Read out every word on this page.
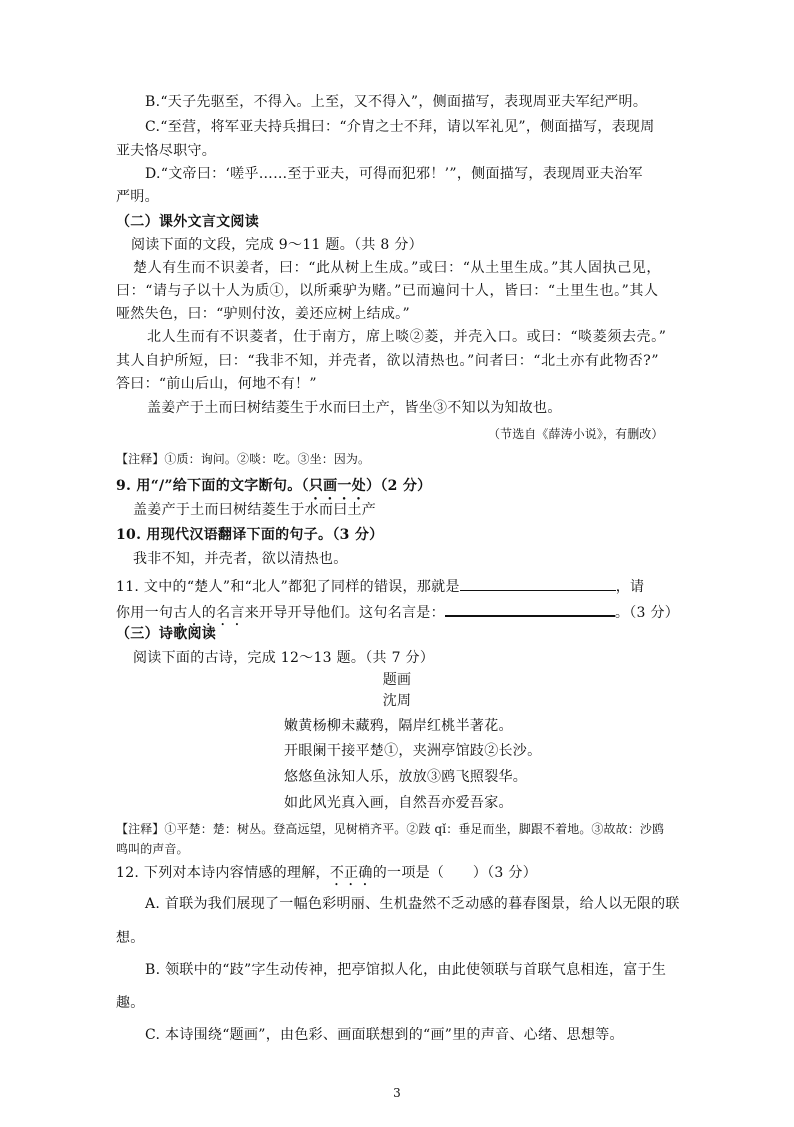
B.“天子先驱至，不得入。上至，又不得入”，侧面描写，表现周亚夫军纪严明。
C.“至营，将军亚夫持兵揖曰：“介胄之士不拜，请以军礼见”，侧面描写，表现周
亚夫恪尽职守。
D.“文帝曰：‘嗟乎……至于亚夫，可得而犯邪！’”，侧面描写，表现周亚夫治军
严明。
（二）课外文言文阅读
阅读下面的文段，完成 9～11 题。（共 8 分）
楚人有生而不识姜者，曰：“此从树上生成。”或曰：“从土里生成。”其人固执己见，
曰：“请与子以十人为质①，以所乘驴为赌。”已而遍问十人，皆曰：“土里生也。”其人
哑然失色，曰：“驴则付汝，姜还应树上结成。”
北人生而有不识菱者，仕于南方，席上啖②菱，并壳入口。或曰：“啖菱须去壳。”
其人自护所短，曰：“我非不知，并壳者，欲以清热也。”问者曰：“北土亦有此物否?”
答曰：“前山后山，何地不有！”
盖姜产于土而曰树结菱生于水而曰土产，皆坐③不知以为知故也。
（节选自《薛涛小说》，有删改）
【注释】①质：询问。②啖：吃。③坐：因为。
9. 用“/”给下面的文字断句。（只画一处）（2 分）
盖姜产于土而曰树结菱生于水而曰土产
10. 用现代汉语翻译下面的句子。（3 分）
我非不知，并壳者，欲以清热也。
11. 文中的“楚人”和“北人”都犯了同样的错误，那就是	，请
你用一句古人的名言来开导开导他们。这句名言是：	。（3 分）
（三）诗歌阅读
阅读下面的古诗，完成 12～13 题。（共 7 分）
题画
沈周
嫩黄杨柳未藏鸦，隔岸红桃半著花。
开眼阑干接平楚①，夹洲亭馆跂②长沙。
悠悠鱼泳知人乐，放放③鸥飞照裂华。
如此风光真入画，自然吾亦爱吾家。
【注释】①平楚：楚：树丛。登高远望，见树梢齐平。②跂 qǐ：垂足而坐，脚跟不着地。③故故：沙鸥
鸣叫的声音。
12. 下列对本诗内容情感的理解，不正确的一项是（　　）（3 分）
A. 首联为我们展现了一幅色彩明丽、生机盎然不乏动感的暮春图景，给人以无限的联
想。
B. 领联中的“跂”字生动传神，把亭馆拟人化，由此使领联与首联气息相连，富于生
趣。
C. 本诗围绕“题画”，由色彩、画面联想到的“画”里的声音、心绪、思想等。
3
